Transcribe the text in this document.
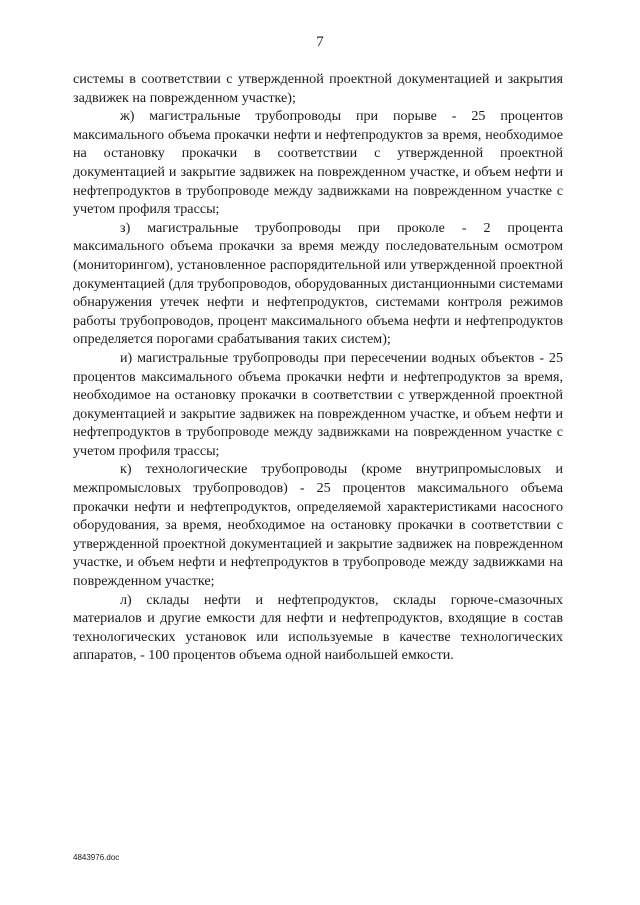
7

системы в соответствии с утвержденной проектной документацией и закрытия задвижек на поврежденном участке);

ж) магистральные трубопроводы при порыве - 25 процентов максимального объема прокачки нефти и нефтепродуктов за время, необходимое на остановку прокачки в соответствии с утвержденной проектной документацией и закрытие задвижек на поврежденном участке, и объем нефти и нефтепродуктов в трубопроводе между задвижками на поврежденном участке с учетом профиля трассы;

з) магистральные трубопроводы при проколе - 2 процента максимального объема прокачки за время между последовательным осмотром (мониторингом), установленное распорядительной или утвержденной проектной документацией (для трубопроводов, оборудованных дистанционными системами обнаружения утечек нефти и нефтепродуктов, системами контроля режимов работы трубопроводов, процент максимального объема нефти и нефтепродуктов определяется порогами срабатывания таких систем);

и) магистральные трубопроводы при пересечении водных объектов - 25 процентов максимального объема прокачки нефти и нефтепродуктов за время, необходимое на остановку прокачки в соответствии с утвержденной проектной документацией и закрытие задвижек на поврежденном участке, и объем нефти и нефтепродуктов в трубопроводе между задвижками на поврежденном участке с учетом профиля трассы;

к) технологические трубопроводы (кроме внутрипромысловых и межпромысловых трубопроводов) - 25 процентов максимального объема прокачки нефти и нефтепродуктов, определяемой характеристиками насосного оборудования, за время, необходимое на остановку прокачки в соответствии с утвержденной проектной документацией и закрытие задвижек на поврежденном участке, и объем нефти и нефтепродуктов в трубопроводе между задвижками на поврежденном участке;

л) склады нефти и нефтепродуктов, склады горюче-смазочных материалов и другие емкости для нефти и нефтепродуктов, входящие в состав технологических установок или используемые в качестве технологических аппаратов, - 100 процентов объема одной наибольшей емкости.

4843976.doc
